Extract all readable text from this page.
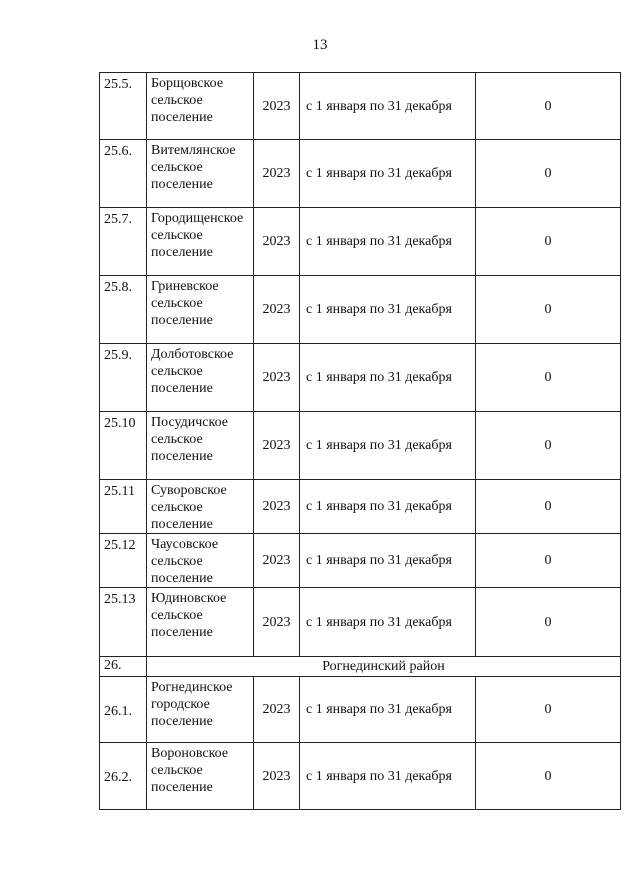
13
25.5.	Борщовское
сельское
поселение	2023	с 1 января по 31 декабря	0
25.6.	Витемлянское
сельское
поселение	2023	с 1 января по 31 декабря	0
25.7.	Городищенское
сельское
поселение	2023	с 1 января по 31 декабря	0
25.8.	Гриневское
сельское
поселение	2023	с 1 января по 31 декабря	0
25.9.	Долботовское
сельское
поселение	2023	с 1 января по 31 декабря	0
25.10	Посудичское
сельское
поселение	2023	с 1 января по 31 декабря	0
25.11	Суворовское
сельское
поселение	2023	с 1 января по 31 декабря	0
25.12	Чаусовское
сельское
поселение	2023	с 1 января по 31 декабря	0
25.13	Юдиновское
сельское
поселение	2023	с 1 января по 31 декабря	0
26.	Рогнединский район			
26.1.	Рогнединское
городское
поселение	2023	с 1 января по 31 декабря	0
26.2.	Вороновское
сельское
поселение	2023	с 1 января по 31 декабря	0
